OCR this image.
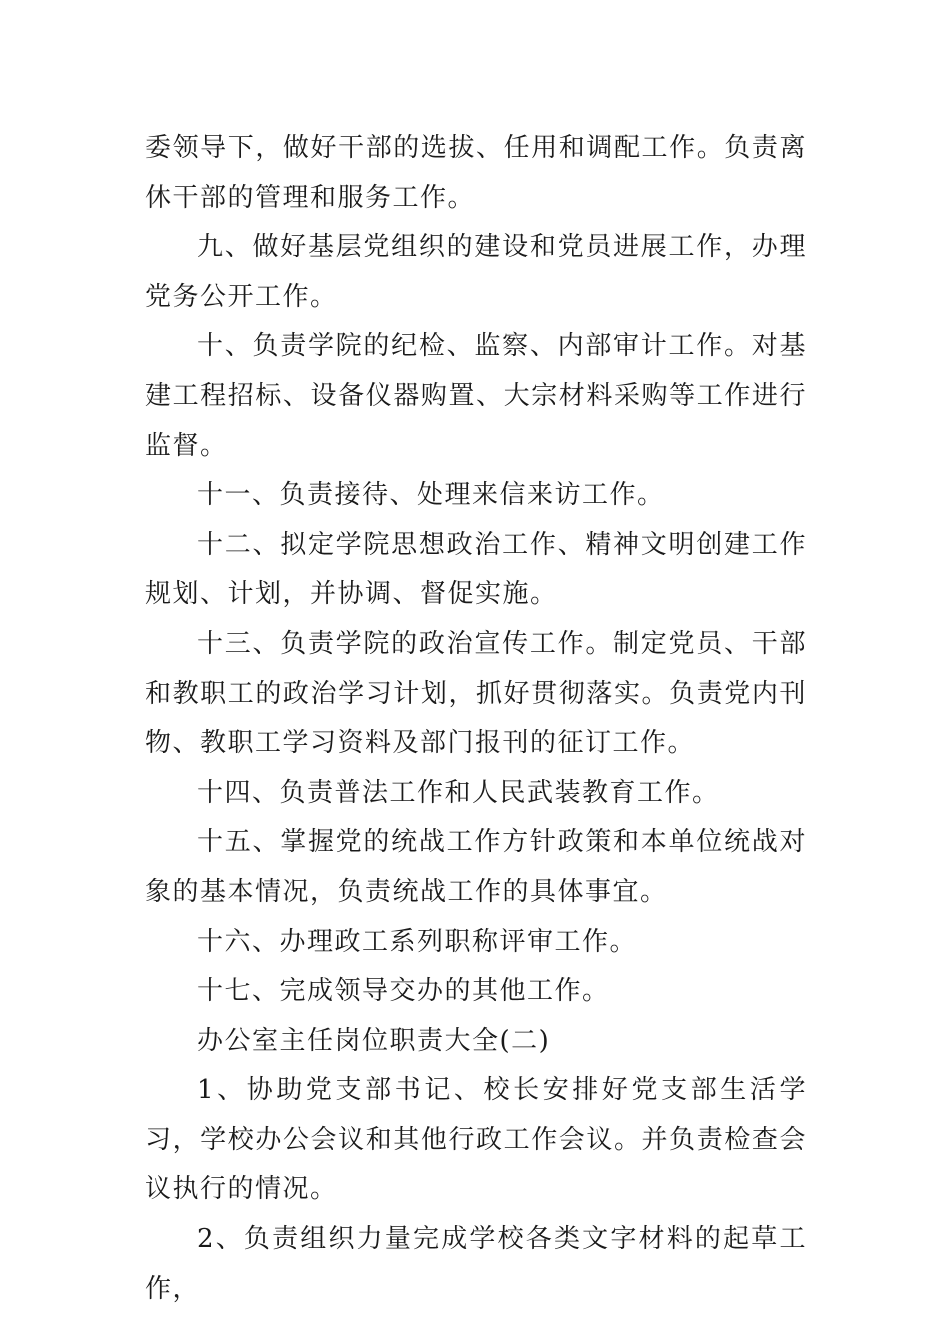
委领导下，做好干部的选拔、任用和调配工作。负责离休干部的管理和服务工作。

九、做好基层党组织的建设和党员进展工作，办理党务公开工作。

十、负责学院的纪检、监察、内部审计工作。对基建工程招标、设备仪器购置、大宗材料采购等工作进行监督。

十一、负责接待、处理来信来访工作。

十二、拟定学院思想政治工作、精神文明创建工作规划、计划，并协调、督促实施。

十三、负责学院的政治宣传工作。制定党员、干部和教职工的政治学习计划，抓好贯彻落实。负责党内刊物、教职工学习资料及部门报刊的征订工作。

十四、负责普法工作和人民武装教育工作。

十五、掌握党的统战工作方针政策和本单位统战对象的基本情况，负责统战工作的具体事宜。

十六、办理政工系列职称评审工作。

十七、完成领导交办的其他工作。

办公室主任岗位职责大全(二)

1、协助党支部书记、校长安排好党支部生活学习，学校办公会议和其他行政工作会议。并负责检查会议执行的情况。

2、负责组织力量完成学校各类文字材料的起草工作，
